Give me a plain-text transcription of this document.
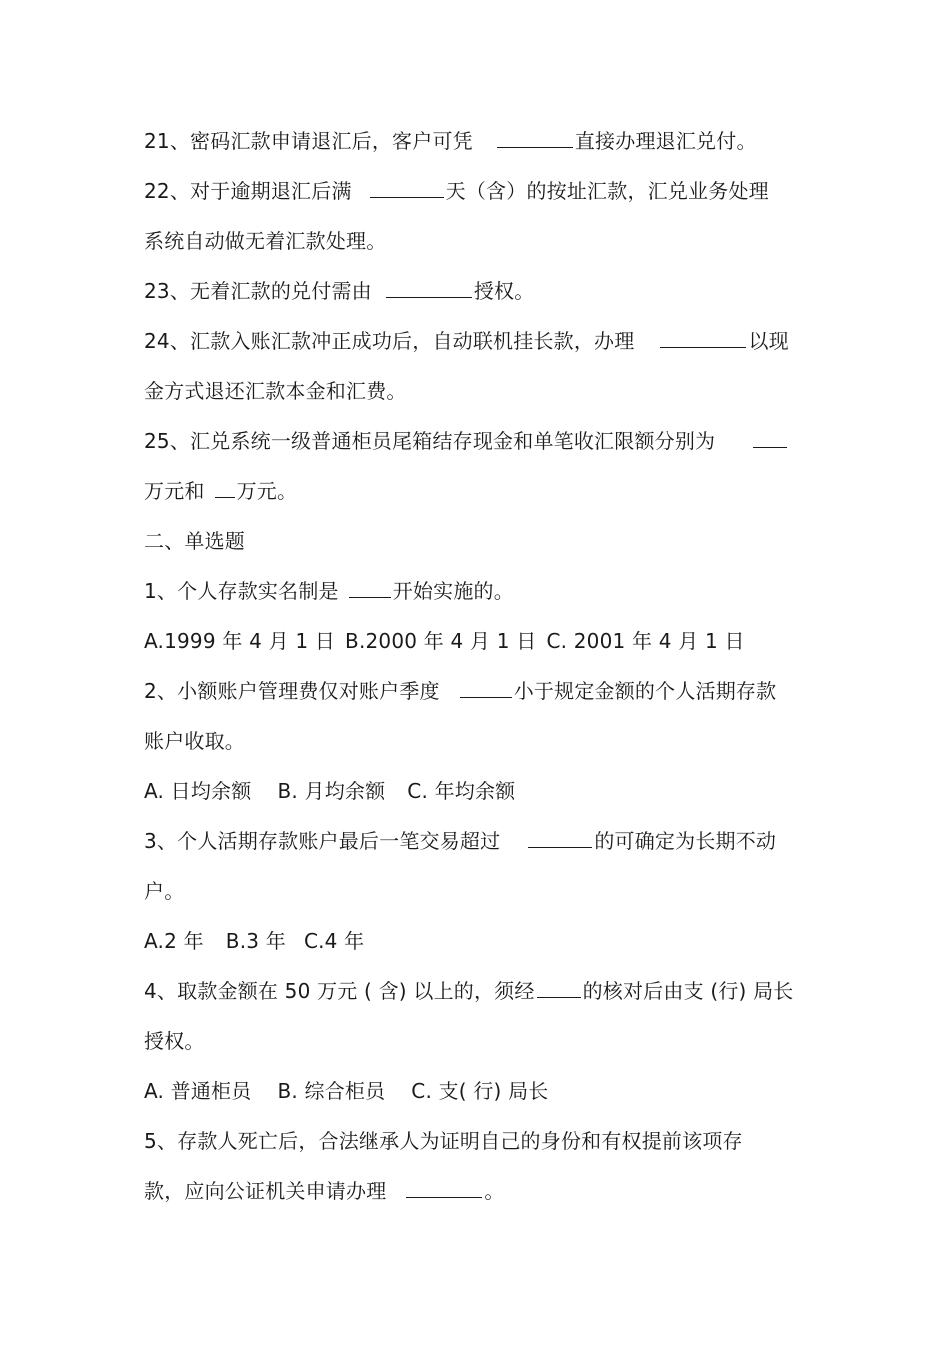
21、密码汇款申请退汇后，客户可凭	直接办理退汇兑付。
22、对于逾期退汇后满	天（含）的按址汇款，汇兑业务处理
系统自动做无着汇款处理。
23、无着汇款的兑付需由	授权。
24、汇款入账汇款冲正成功后，自动联机挂长款，办理	以现
金方式退还汇款本金和汇费。
25、汇兑系统一级普通柜员尾箱结存现金和单笔收汇限额分别为
万元和 万元。
二、单选题
1、个人存款实名制是	开始实施的。
A.1999 年 4 月 1 日 B.2000 年 4 月 1 日 C. 2001 年 4 月 1 日
2、小额账户管理费仅对账户季度	小于规定金额的个人活期存款
账户收取。
A. 日均余额 B. 月均余额 C. 年均余额
3、个人活期存款账户最后一笔交易超过	的可确定为长期不动
户。
A.2 年 B.3 年 C.4 年
4、取款金额在 50 万元 ( 含) 以上的，须经 的核对后由支 (行) 局长
授权。
A. 普通柜员 B. 综合柜员 C. 支( 行) 局长
5、存款人死亡后，合法继承人为证明自己的身份和有权提前该项存
款，应向公证机关申请办理	。
